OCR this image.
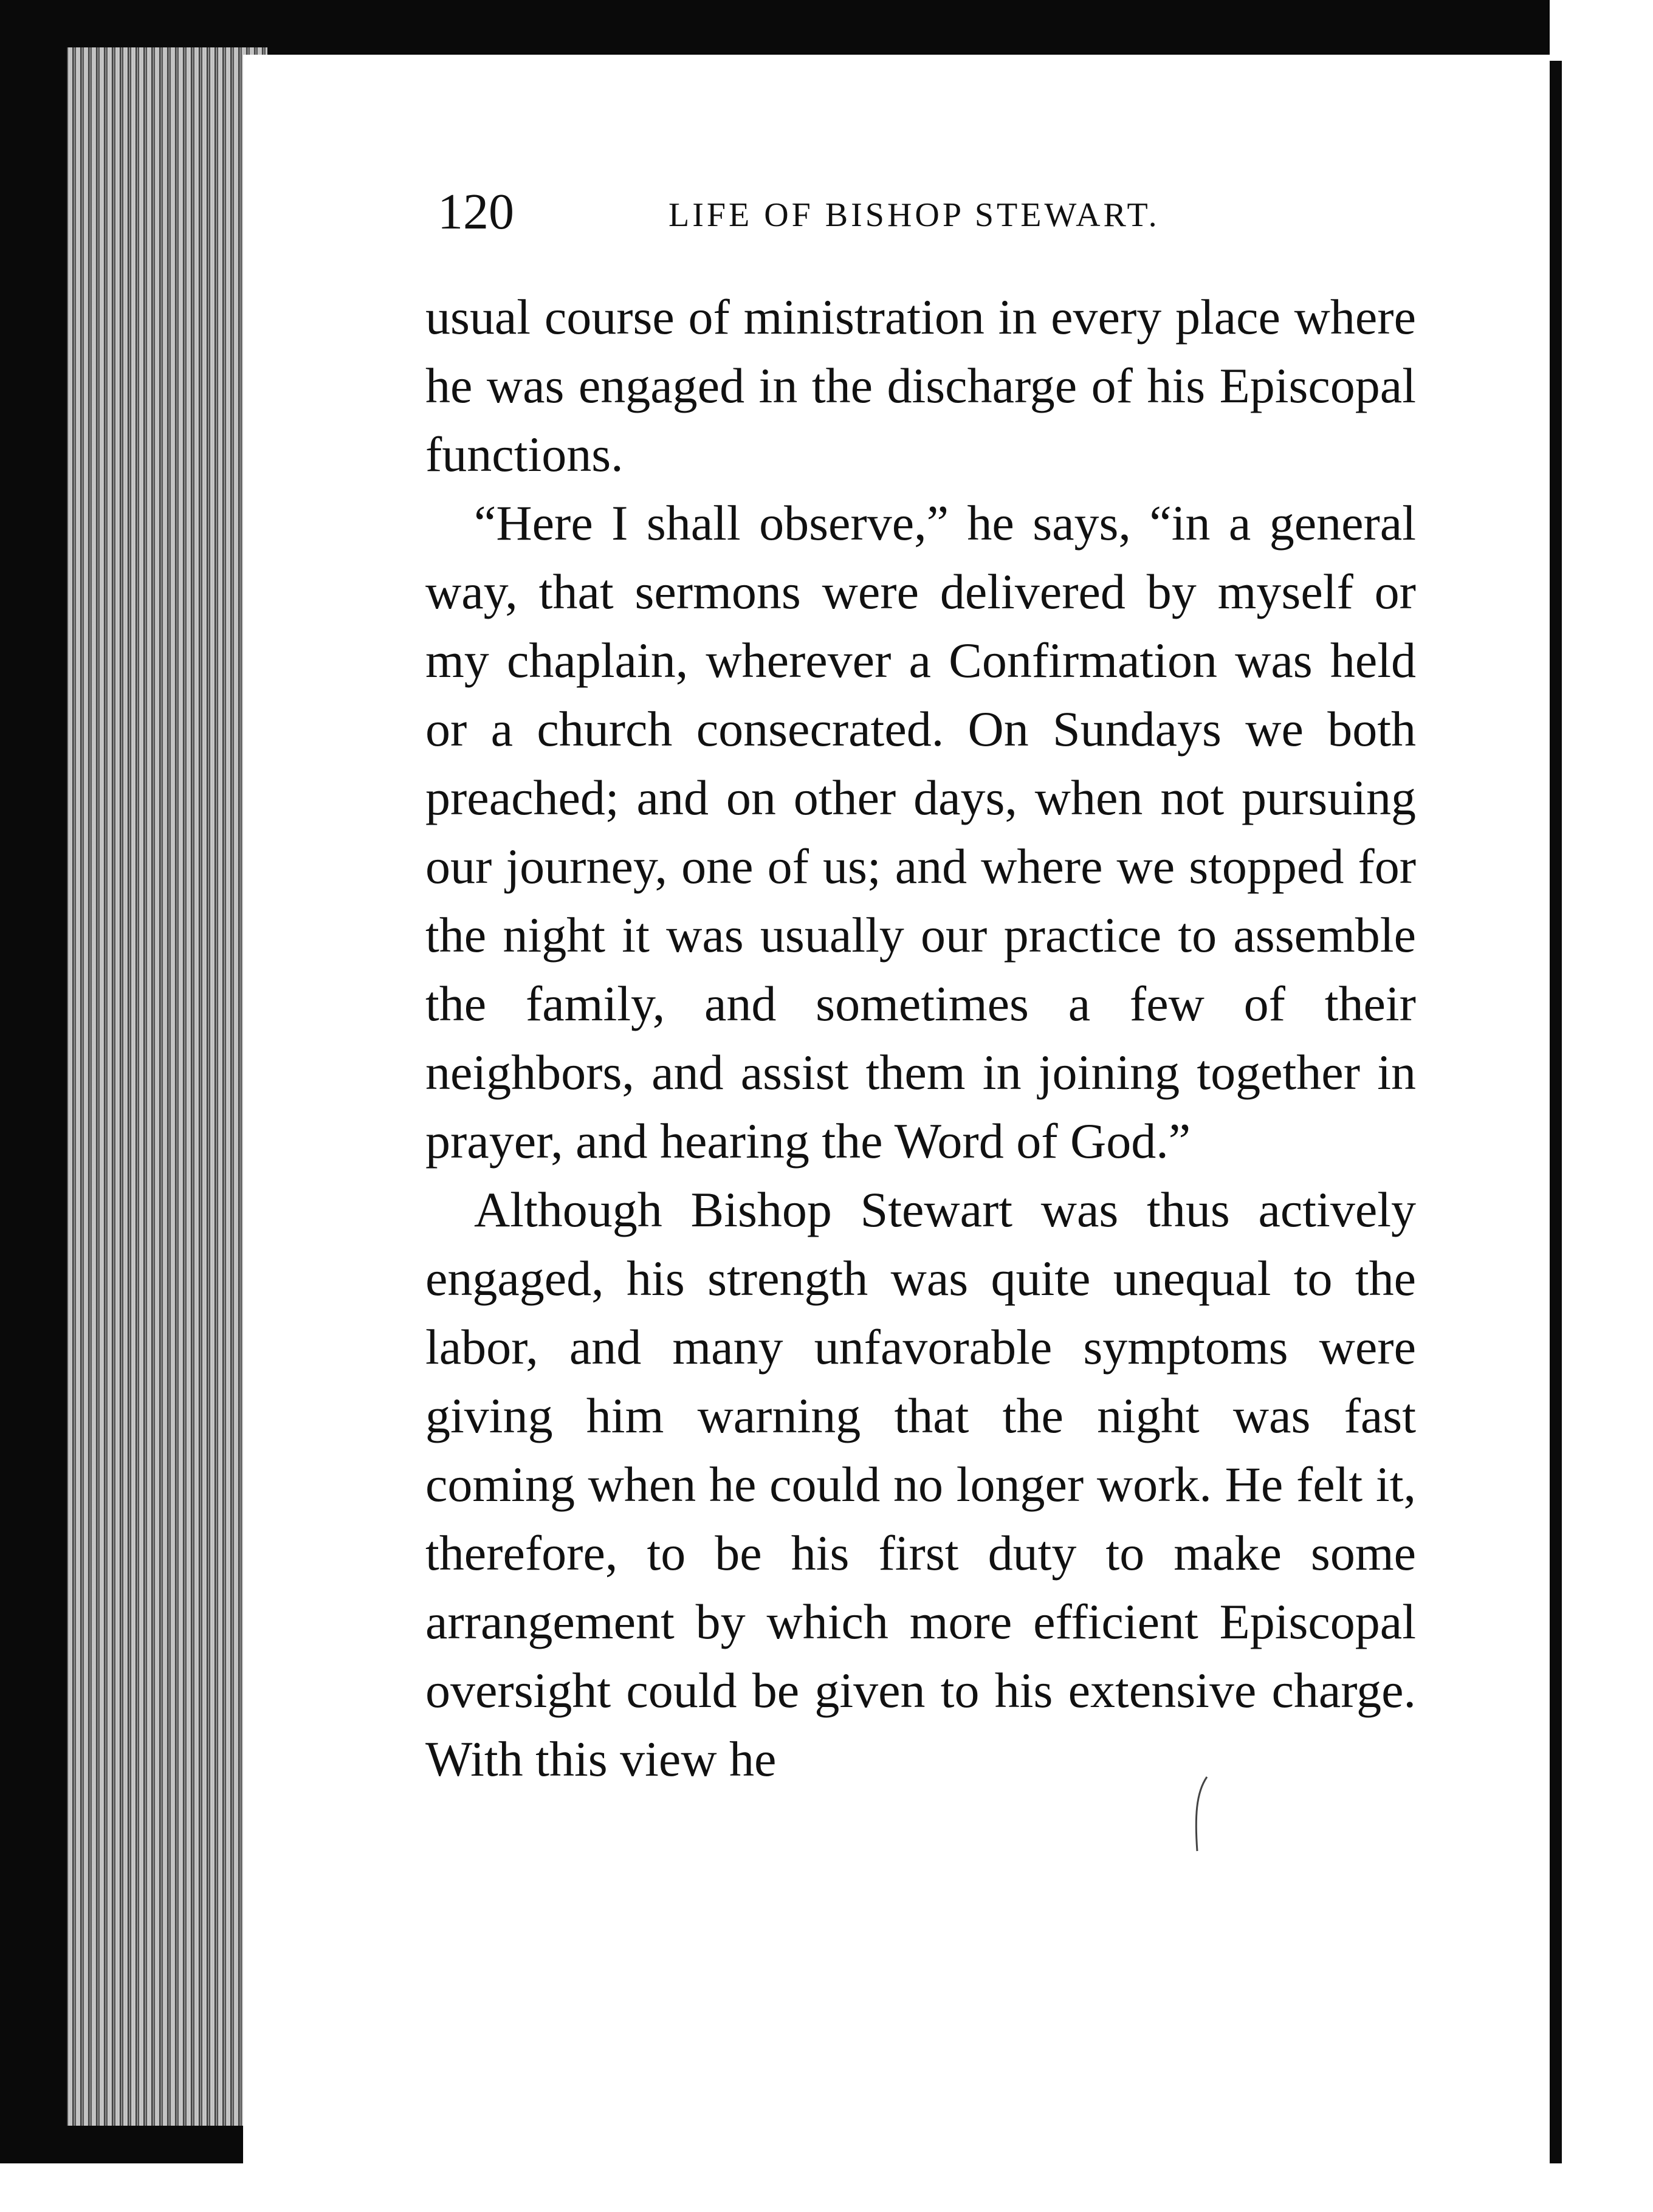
120	LIFE OF BISHOP STEWART.

usual course of ministration in every place where he was engaged in the discharge of his Episcopal functions.

“Here I shall observe,” he says, “in a general way, that sermons were delivered by myself or my chaplain, wherever a Confirmation was held or a church consecrated. On Sundays we both preached; and on other days, when not pursuing our journey, one of us; and where we stopped for the night it was usually our practice to assemble the family, and sometimes a few of their neighbors, and assist them in joining together in prayer, and hearing the Word of God.”

Although Bishop Stewart was thus actively engaged, his strength was quite unequal to the labor, and many unfavorable symptoms were giving him warning that the night was fast coming when he could no longer work. He felt it, therefore, to be his first duty to make some arrangement by which more efficient Episcopal oversight could be given to his extensive charge. With this view he
